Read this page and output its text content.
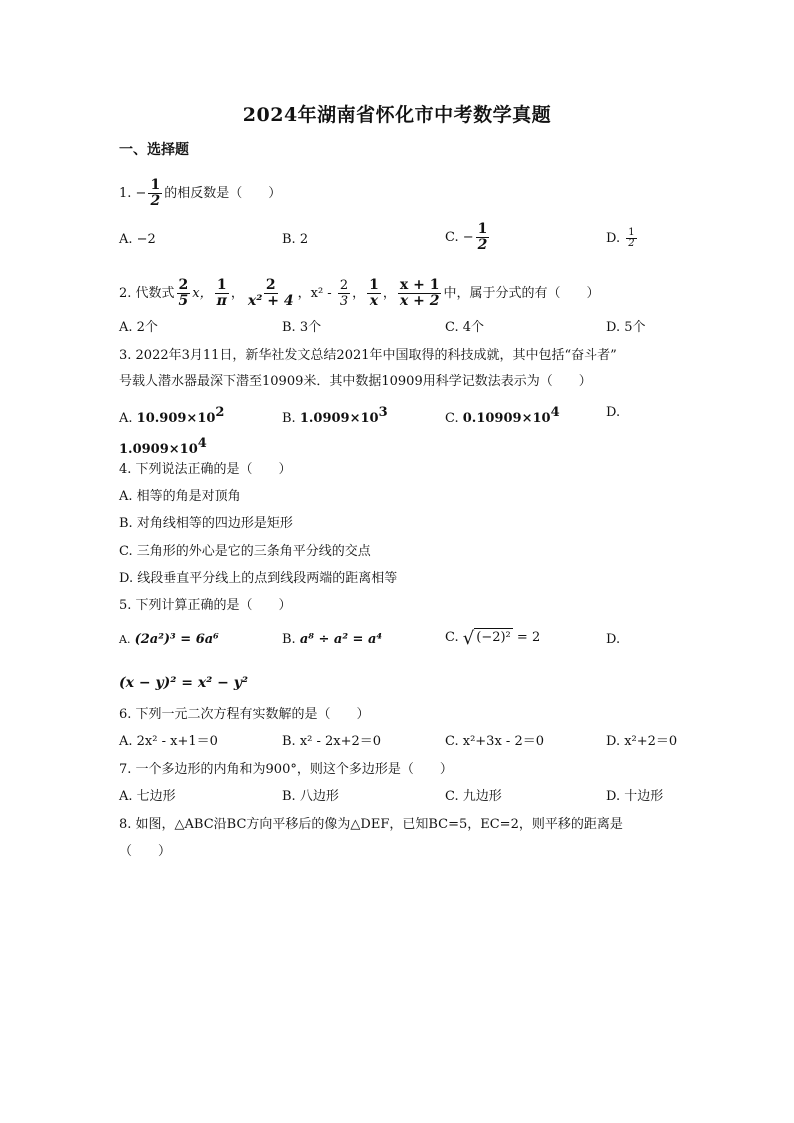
2024年湖南省怀化市中考数学真题
一、选择题
1. − $\frac{1}{2}$ 的相反数是（　　）
A. −2	B. 2	C. − $\frac{1}{2}$	D. $\frac{1}{2}$
2. 代数式 $\frac{2}{5}$ x， $\frac{1}{\pi}$ ， $\frac{2}{\text{x² + 4}}$ ，$x^2 - \frac{2}{3}$ ， $\frac{1}{x}$ ， $\frac{x + 1}{x + 2}$ 中，属于分式的有（　　）
A. 2个	B. 3个	C. 4个	D. 5个
3. 2022年3月11日，新华社发文总结2021年中国取得的科技成就，其中包括“奋斗者”
号载人潜水器最深下潜至10909米．其中数据10909用科学记数法表示为（　　）
A. $10.909\times 10^2$	B. $1.0909\times 10^3$	C. $0.10909\times 10^4$	D.
$1.0909\times 10^4$
4. 下列说法正确的是（　　）
A. 相等的角是对顶角
B. 对角线相等的四边形是矩形
C. 三角形的外心是它的三条角平分线的交点
D. 线段垂直平分线上的点到线段两端的距离相等
5. 下列计算正确的是（　　）
A. (2a²)³ = 6a⁶	B. a⁸ ÷ a² = a⁴	C. √ (−2)² = 2	D.
(x − y)² = x² − y²
6. 下列一元二次方程有实数解的是（　　）
A. 2x² - x+1＝0	B. x² - 2x+2＝0	C. x²+3x - 2＝0	D. x²+2＝0
7. 一个多边形的内角和为900°，则这个多边形是（　　）
A. 七边形	B. 八边形	C. 九边形	D. 十边形
8. 如图，△ABC沿BC方向平移后的像为△DEF，已知BC=5，EC=2，则平移的距离是
（　　）
